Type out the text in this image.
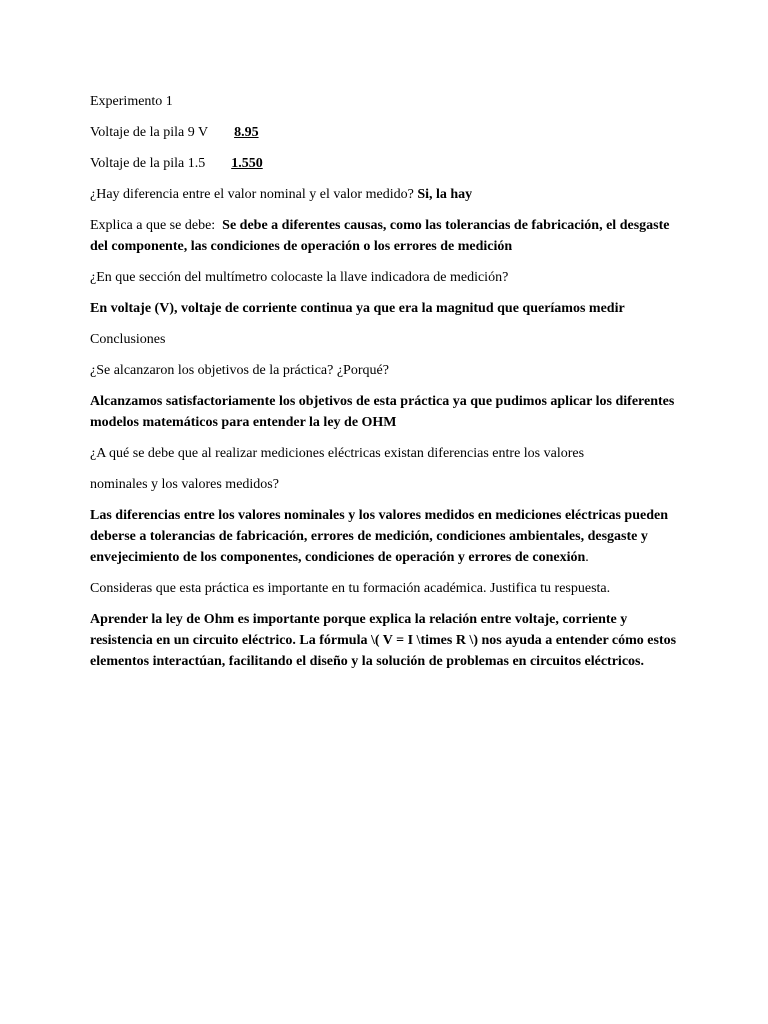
Experimento 1

Voltaje de la pila 9 V 8.95

Voltaje de la pila 1.5 1.550

¿Hay diferencia entre el valor nominal y el valor medido? Si, la hay

Explica a que se debe: Se debe a diferentes causas, como las tolerancias de fabricación, el desgaste del componente, las condiciones de operación o los errores de medición

¿En que sección del multímetro colocaste la llave indicadora de medición?

En voltaje (V), voltaje de corriente continua ya que era la magnitud que queríamos medir

Conclusiones

¿Se alcanzaron los objetivos de la práctica? ¿Porqué?

Alcanzamos satisfactoriamente los objetivos de esta práctica ya que pudimos aplicar los diferentes modelos matemáticos para entender la ley de OHM

¿A qué se debe que al realizar mediciones eléctricas existan diferencias entre los valores

nominales y los valores medidos?

Las diferencias entre los valores nominales y los valores medidos en mediciones eléctricas pueden deberse a tolerancias de fabricación, errores de medición, condiciones ambientales, desgaste y envejecimiento de los componentes, condiciones de operación y errores de conexión.

Consideras que esta práctica es importante en tu formación académica. Justifica tu respuesta.

Aprender la ley de Ohm es importante porque explica la relación entre voltaje, corriente y resistencia en un circuito eléctrico. La fórmula \( V = I \times R \) nos ayuda a entender cómo estos elementos interactúan, facilitando el diseño y la solución de problemas en circuitos eléctricos.
